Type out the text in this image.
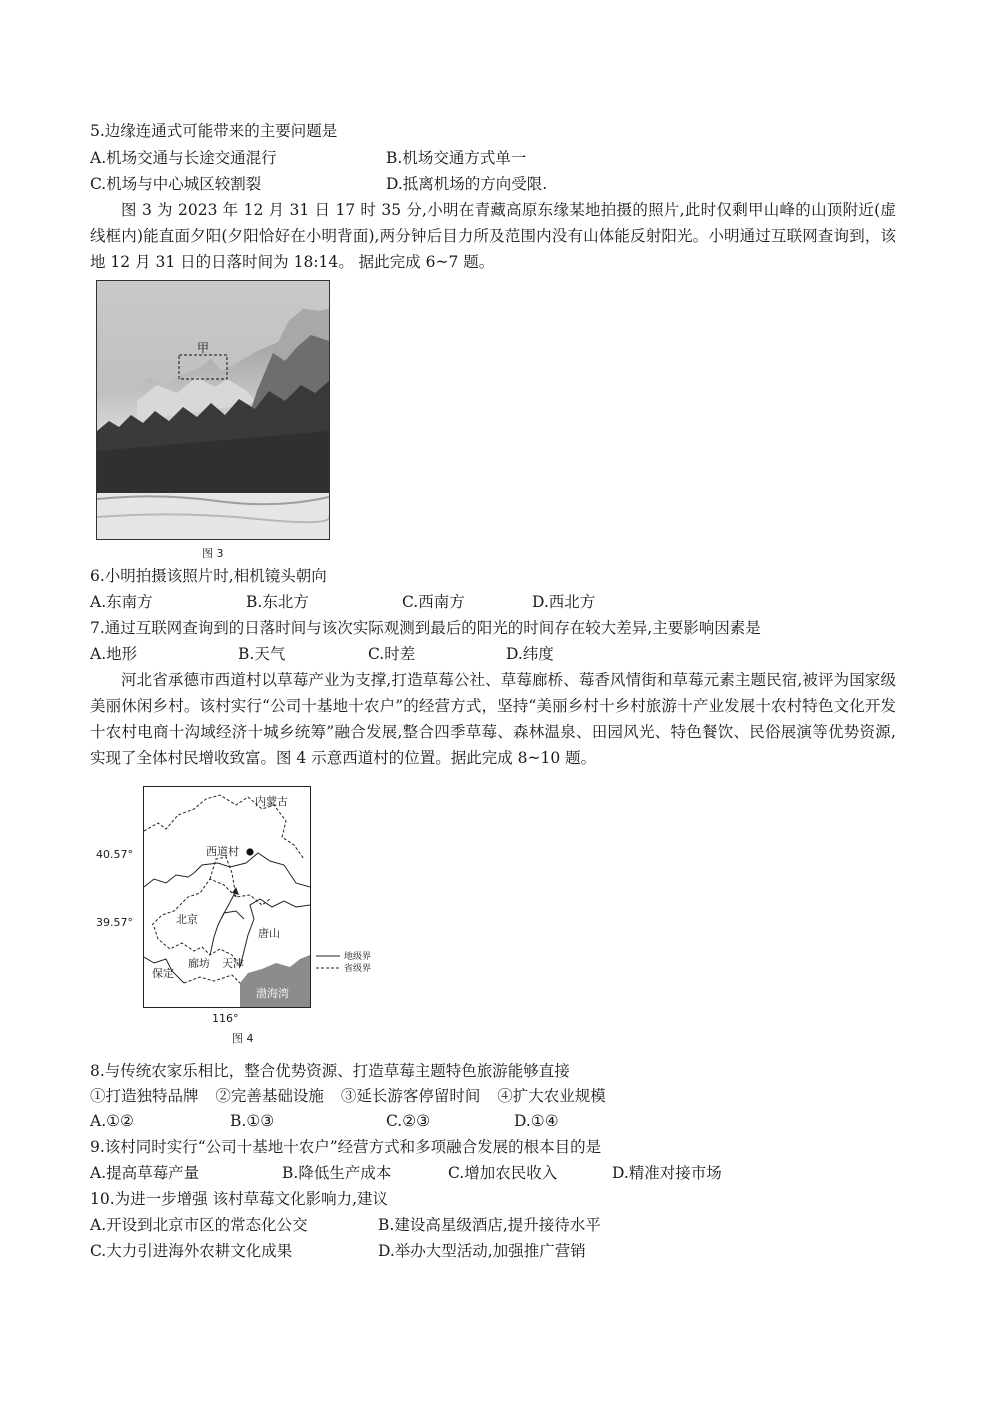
5.边缘连通式可能带来的主要问题是
A.机场交通与长途交通混行	B.机场交通方式单一
C.机场与中心城区较割裂	D.抵离机场的方向受限.
图 3 为 2023 年 12 月 31 日 17 时 35 分,小明在青藏高原东缘某地拍摄的照片,此时仅剩甲山峰的山顶附近(虚线框内)能直面夕阳(夕阳恰好在小明背面),两分钟后目力所及范围内没有山体能反射阳光。小明通过互联网查询到，该地 12 月 31 日的日落时间为 18:14。 据此完成 6~7 题。
甲
图 3
6.小明拍摄该照片时,相机镜头朝向
A.东南方	B.东北方	C.西南方	D.西北方
7.通过互联网查询到的日落时间与该次实际观测到最后的阳光的时间存在较大差异,主要影响因素是
A.地形	B.天气	C.时差	D.纬度
河北省承德市西道村以草莓产业为支撑,打造草莓公社、草莓廊桥、莓香风情街和草莓元素主题民宿,被评为国家级美丽休闲乡村。该村实行“公司十基地十农户”的经营方式，坚持“美丽乡村十乡村旅游十产业发展十农村特色文化开发十农村电商十沟域经济十城乡统筹”融合发展,整合四季草莓、森林温泉、田园风光、特色餐饮、民俗展演等优势资源,实现了全体村民增收致富。图 4 示意西道村的位置。据此完成 8~10 题。
40.57°
39.57°
内蒙古
西道村
北京
唐山
廊坊 天津
保定
渤海湾
地级界
省级界
116°
图 4
8.与传统农家乐相比，整合优势资源、打造草莓主题特色旅游能够直接
①打造独特品牌 ②完善基础设施 ③延长游客停留时间 ④扩大农业规模
A.①②	B.①③	C.②③	D.①④
9.该村同时实行“公司十基地十农户”经营方式和多项融合发展的根本目的是
A.提高草莓产量	B.降低生产成本	C.增加农民收入	D.精准对接市场
10.为进一步增强 该村草莓文化影响力,建议
A.开设到北京市区的常态化公交	B.建设高星级酒店,提升接待水平
C.大力引进海外农耕文化成果	D.举办大型活动,加强推广营销
